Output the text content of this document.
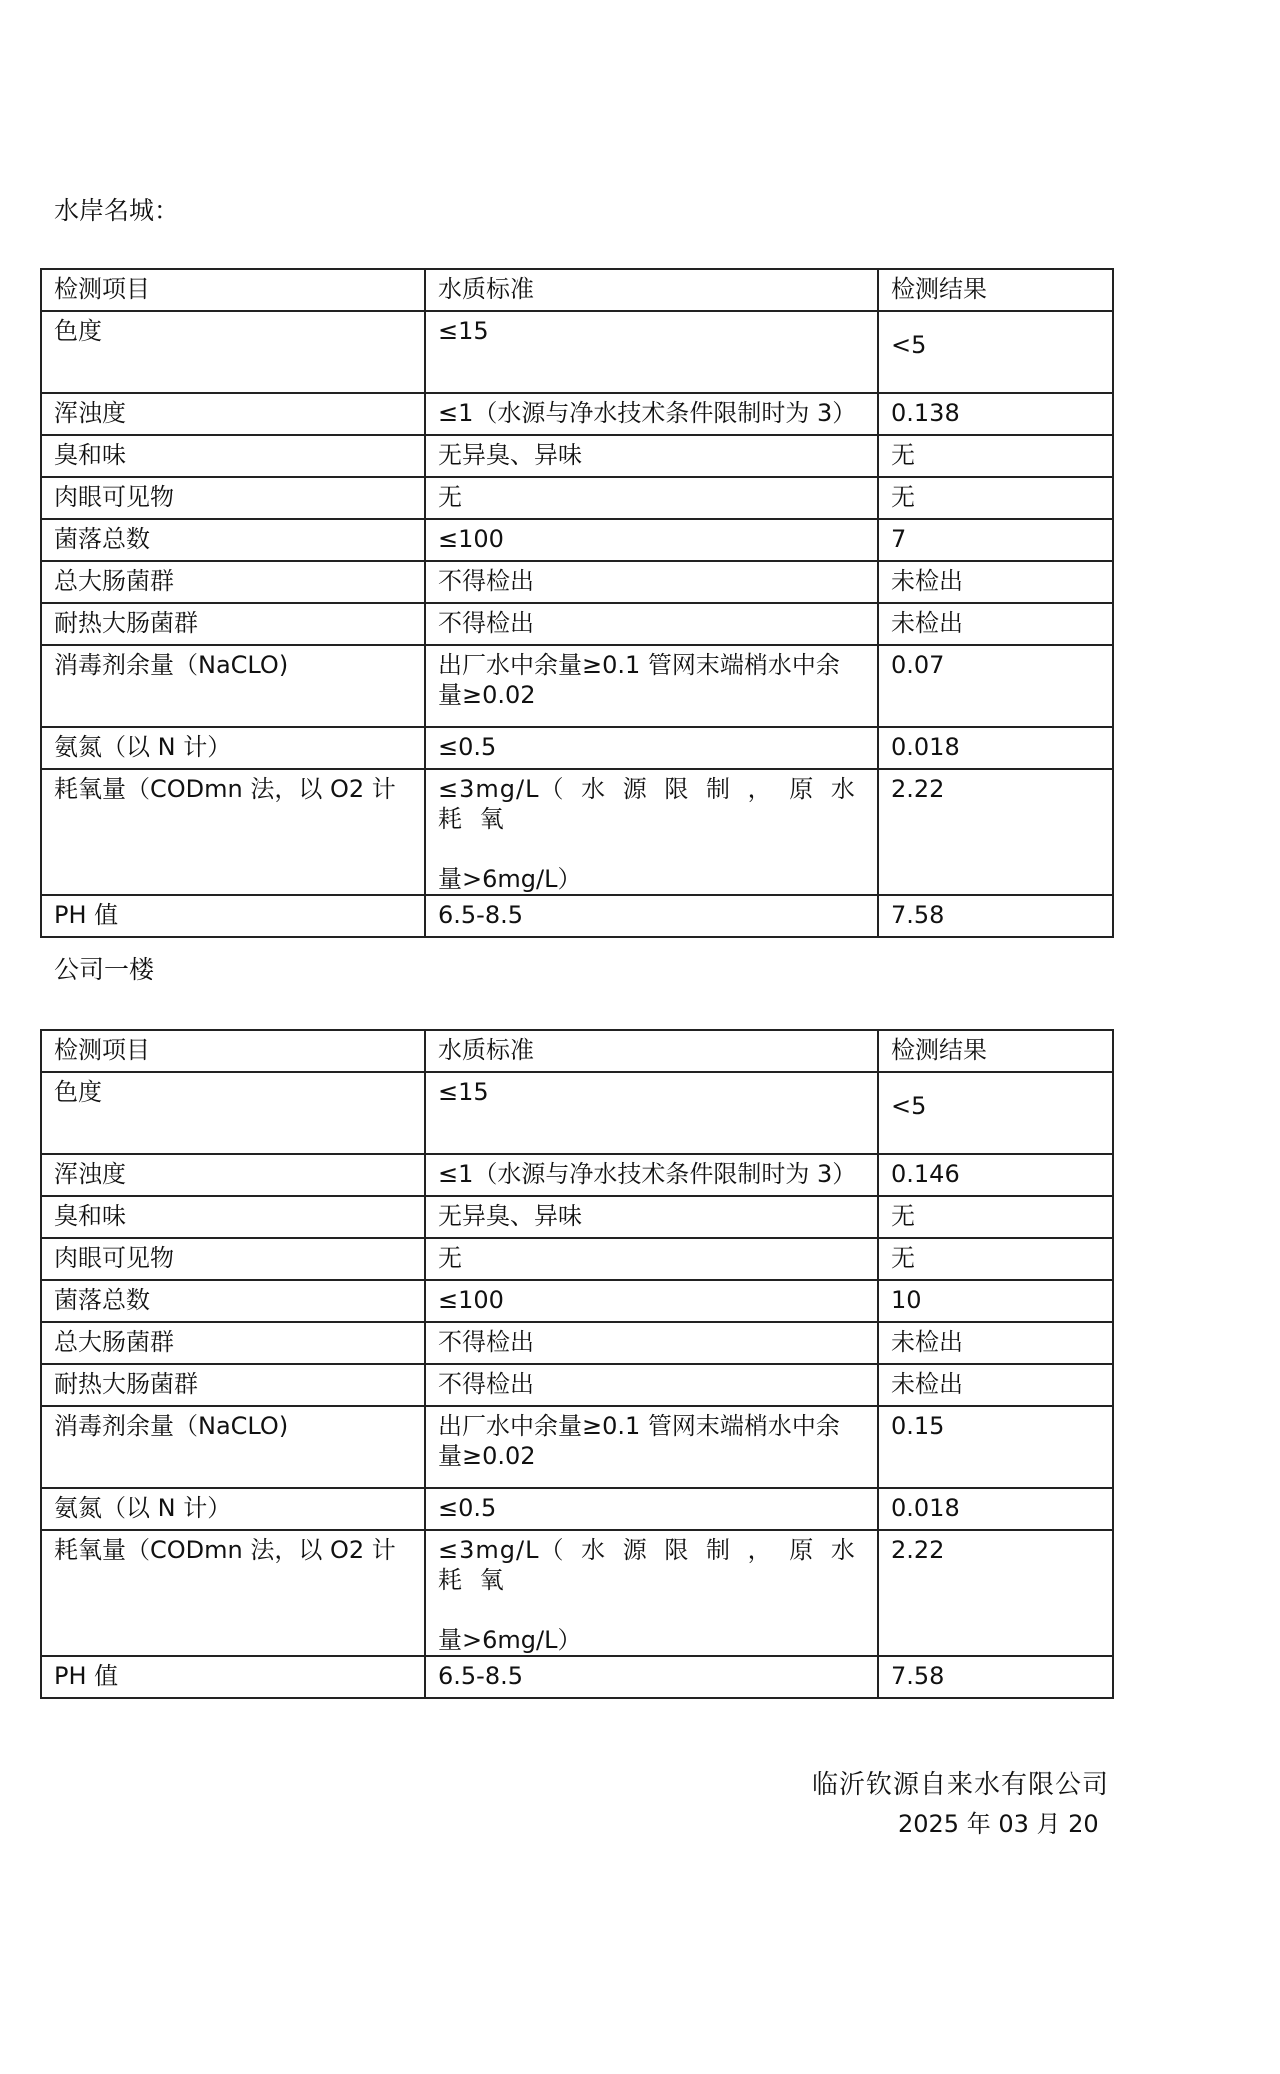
水岸名城：
检测项目	水质标准	检测结果
色度	≤15	<5

浑浊度	≤1（水源与净水技术条件限制时为 3）	0.138
臭和味	无异臭、异味	无
肉眼可见物	无	无
菌落总数	≤100	7
总大肠菌群	不得检出	未检出
耐热大肠菌群	不得检出	未检出
消毒剂余量（NaCLO)	出厂水中余量≥0.1 管网末端梢水中余
量≥0.02	0.07
氨氮（以 N 计）	≤0.5	0.018
耗氧量（CODmn 法，以 O2 计	≤3mg/L（ 水 源 限 制 ， 原 水 耗 氧
量>6mg/L）	2.22
PH 值	6.5-8.5	7.58
公司一楼
检测项目	水质标准	检测结果
色度	≤15	<5

浑浊度	≤1（水源与净水技术条件限制时为 3）	0.146
臭和味	无异臭、异味	无
肉眼可见物	无	无
菌落总数	≤100	10
总大肠菌群	不得检出	未检出
耐热大肠菌群	不得检出	未检出
消毒剂余量（NaCLO)	出厂水中余量≥0.1 管网末端梢水中余
量≥0.02	0.15
氨氮（以 N 计）	≤0.5	0.018
耗氧量（CODmn 法，以 O2 计	≤3mg/L（ 水 源 限 制 ， 原 水 耗 氧
量>6mg/L）	2.22
PH 值	6.5-8.5	7.58
临沂钦源自来水有限公司
2025 年 03 月 20
